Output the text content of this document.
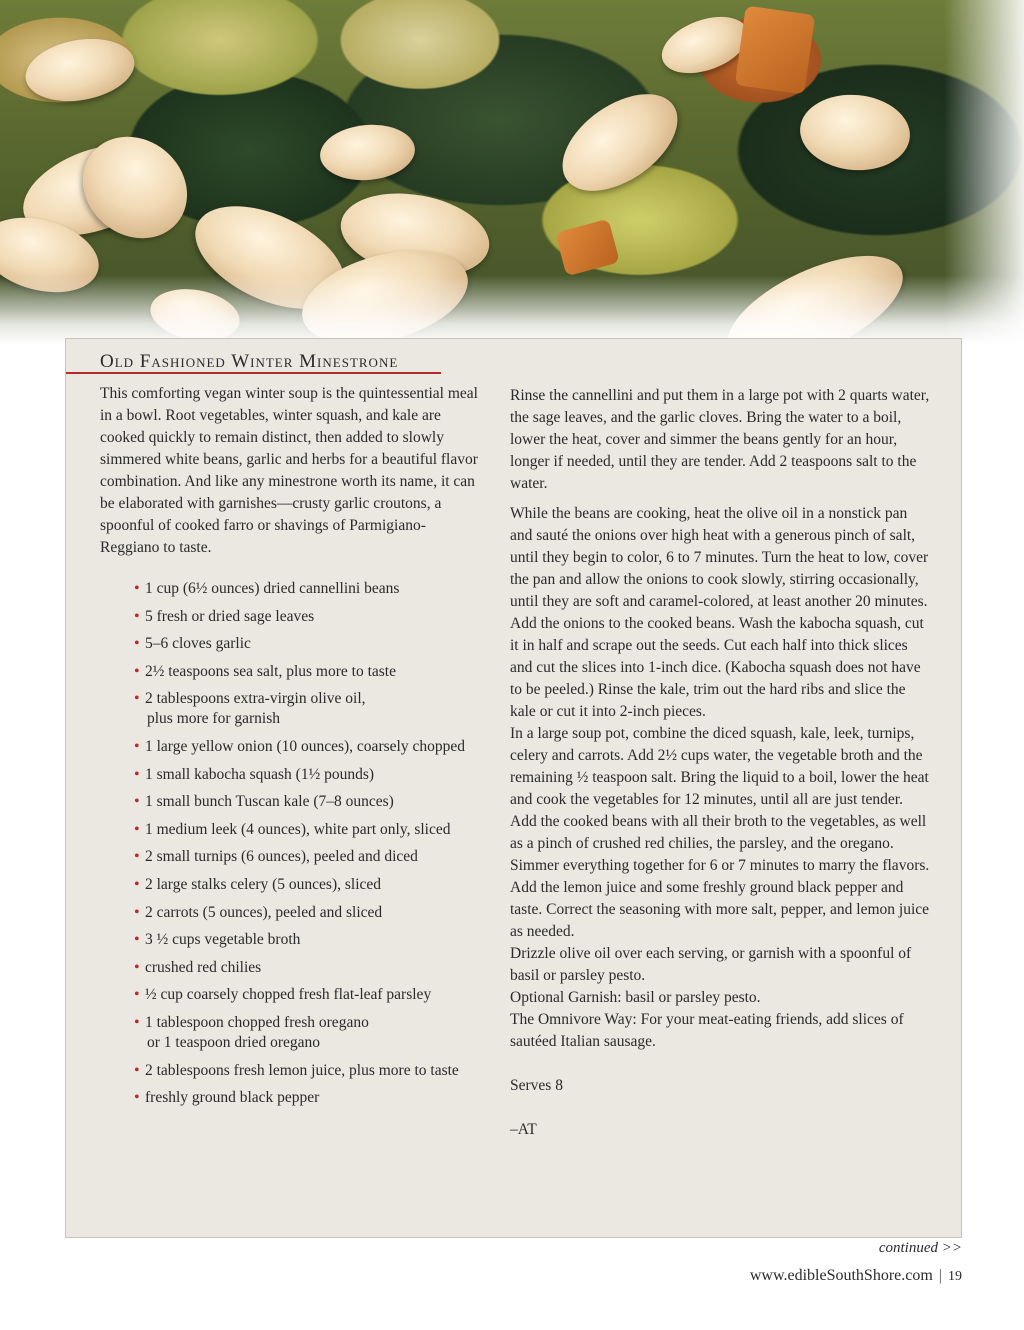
Old Fashioned Winter Minestrone

This comforting vegan winter soup is the quintessential meal in a bowl. Root vegetables, winter squash, and kale are cooked quickly to remain distinct, then added to slowly simmered white beans, garlic and herbs for a beautiful flavor combination. And like any minestrone worth its name, it can be elaborated with garnishes—crusty garlic croutons, a spoonful of cooked farro or shavings of Parmigiano-Reggiano to taste.

• 1 cup (6½ ounces) dried cannellini beans
• 5 fresh or dried sage leaves
• 5–6 cloves garlic
• 2½ teaspoons sea salt, plus more to taste
• 2 tablespoons extra-virgin olive oil,
plus more for garnish
• 1 large yellow onion (10 ounces), coarsely chopped
• 1 small kabocha squash (1½ pounds)
• 1 small bunch Tuscan kale (7–8 ounces)
• 1 medium leek (4 ounces), white part only, sliced
• 2 small turnips (6 ounces), peeled and diced
• 2 large stalks celery (5 ounces), sliced
• 2 carrots (5 ounces), peeled and sliced
• 3 ½ cups vegetable broth
• crushed red chilies
• ½ cup coarsely chopped fresh flat-leaf parsley
• 1 tablespoon chopped fresh oregano
or 1 teaspoon dried oregano
• 2 tablespoons fresh lemon juice, plus more to taste
• freshly ground black pepper

Rinse the cannellini and put them in a large pot with 2 quarts water, the sage leaves, and the garlic cloves. Bring the water to a boil, lower the heat, cover and simmer the beans gently for an hour, longer if needed, until they are tender. Add 2 teaspoons salt to the water.

While the beans are cooking, heat the olive oil in a nonstick pan and sauté the onions over high heat with a generous pinch of salt, until they begin to color, 6 to 7 minutes. Turn the heat to low, cover the pan and allow the onions to cook slowly, stirring occasionally, until they are soft and caramel-colored, at least another 20 minutes. Add the onions to the cooked beans. Wash the kabocha squash, cut it in half and scrape out the seeds. Cut each half into thick slices and cut the slices into 1-inch dice. (Kabocha squash does not have to be peeled.) Rinse the kale, trim out the hard ribs and slice the kale or cut it into 2-inch pieces.

In a large soup pot, combine the diced squash, kale, leek, turnips, celery and carrots. Add 2½ cups water, the vegetable broth and the remaining ½ teaspoon salt. Bring the liquid to a boil, lower the heat and cook the vegetables for 12 minutes, until all are just tender.

Add the cooked beans with all their broth to the vegetables, as well as a pinch of crushed red chilies, the parsley, and the oregano. Simmer everything together for 6 or 7 minutes to marry the flavors.

Add the lemon juice and some freshly ground black pepper and taste. Correct the seasoning with more salt, pepper, and lemon juice as needed.

Drizzle olive oil over each serving, or garnish with a spoonful of basil or parsley pesto.

Optional Garnish: basil or parsley pesto.

The Omnivore Way: For your meat-eating friends, add slices of sautéed Italian sausage.

Serves 8

–AT

continued >>
www.edibleSouthShore.com | 19
